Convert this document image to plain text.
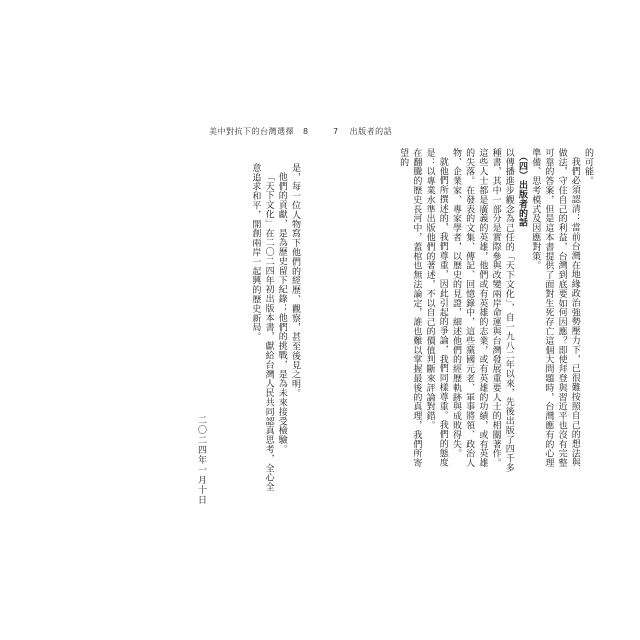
美中對抗下的台灣選擇 8	7 出版者的話

的可能。

我們必須認清：當前台灣在地緣政治強勢壓力下，已很難按照自己的想法與做法，守住自己的利益，台灣到底要如何因應？即使拜登與習近平也沒有完整可靠的答案，但是這本書提供了面對生死存亡這個大問題時，台灣應有的心理準備、思考模式及因應對策。

（四）出版者的話

以傳播進步觀念為己任的「天下文化」，自一九八二年以來，先後出版了四千多種書，其中一部分是實際參與改變兩岸命運與台灣發展重要人士的相關著作。

這些人士都是廣義的英雄，他們或有英雄的志業，或有英雄的功績，或有英雄的失落。在發表的文集、傳記、回憶錄中，這些黨國元老、軍事將領、政治人物、企業家、專家學者，以歷史的見證，細述他們的經歷軌跡與成敗得失。

就他們所撰述的，我們尊重，因此引起的爭論，我們同樣尊重。我們的態度是：以專業水準出版他們的著述，不以自己的價值判斷來評論對錯。

在翻騰的歷史長河中，蓋棺也無法論定，誰也難以掌握最後的真理，我們所寄望的

是，每一位人物寫下他們的經歷、觀察，甚至後見之明。

他們的貢獻，是為歷史留下紀錄；他們的挑戰，是為未來接受檢驗。

「天下文化」在二〇二四年初出版本書，獻給台灣人民共同認真思考，全心全意追求和平，開創兩岸一起興的歷史新局。

二〇二四年一月十日
